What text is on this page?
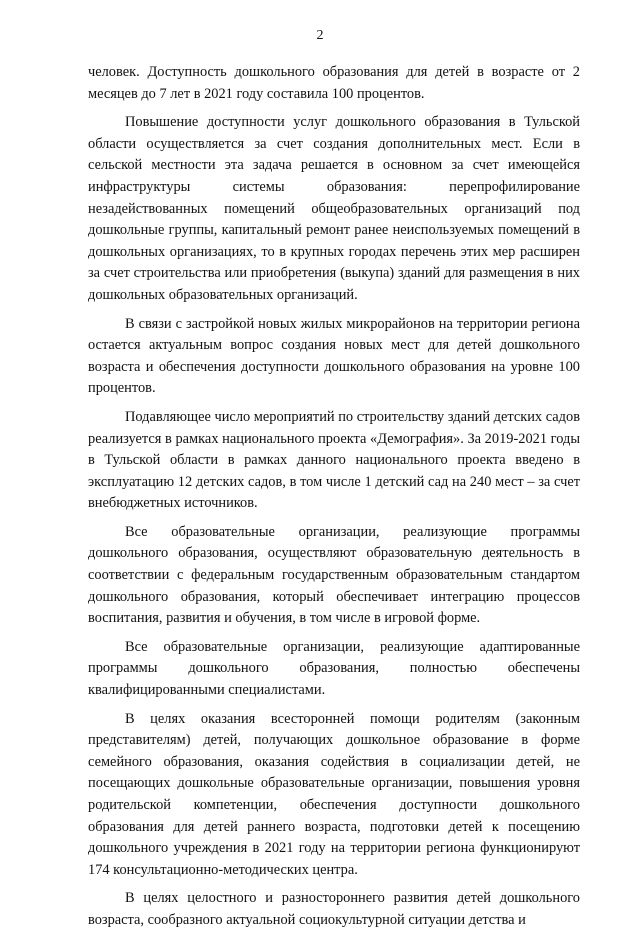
2

человек. Доступность дошкольного образования для детей в возрасте от 2 месяцев до 7 лет в 2021 году составила 100 процентов.

Повышение доступности услуг дошкольного образования в Тульской области осуществляется за счет создания дополнительных мест. Если в сельской местности эта задача решается в основном за счет имеющейся инфраструктуры системы образования: перепрофилирование незадействованных помещений общеобразовательных организаций под дошкольные группы, капитальный ремонт ранее неиспользуемых помещений в дошкольных организациях, то в крупных городах перечень этих мер расширен за счет строительства или приобретения (выкупа) зданий для размещения в них дошкольных образовательных организаций.

В связи с застройкой новых жилых микрорайонов на территории региона остается актуальным вопрос создания новых мест для детей дошкольного возраста и обеспечения доступности дошкольного образования на уровне 100 процентов.

Подавляющее число мероприятий по строительству зданий детских садов реализуется в рамках национального проекта «Демография». За 2019-2021 годы в Тульской области в рамках данного национального проекта введено в эксплуатацию 12 детских садов, в том числе 1 детский сад на 240 мест – за счет внебюджетных источников.

Все образовательные организации, реализующие программы дошкольного образования, осуществляют образовательную деятельность в соответствии с федеральным государственным образовательным стандартом дошкольного образования, который обеспечивает интеграцию процессов воспитания, развития и обучения, в том числе в игровой форме.

Все образовательные организации, реализующие адаптированные программы дошкольного образования, полностью обеспечены квалифицированными специалистами.

В целях оказания всесторонней помощи родителям (законным представителям) детей, получающих дошкольное образование в форме семейного образования, оказания содействия в социализации детей, не посещающих дошкольные образовательные организации, повышения уровня родительской компетенции, обеспечения доступности дошкольного образования для детей раннего возраста, подготовки детей к посещению дошкольного учреждения в 2021 году на территории региона функционируют 174 консультационно-методических центра.

В целях целостного и разностороннего развития детей дошкольного возраста, сообразного актуальной социокультурной ситуации детства и
